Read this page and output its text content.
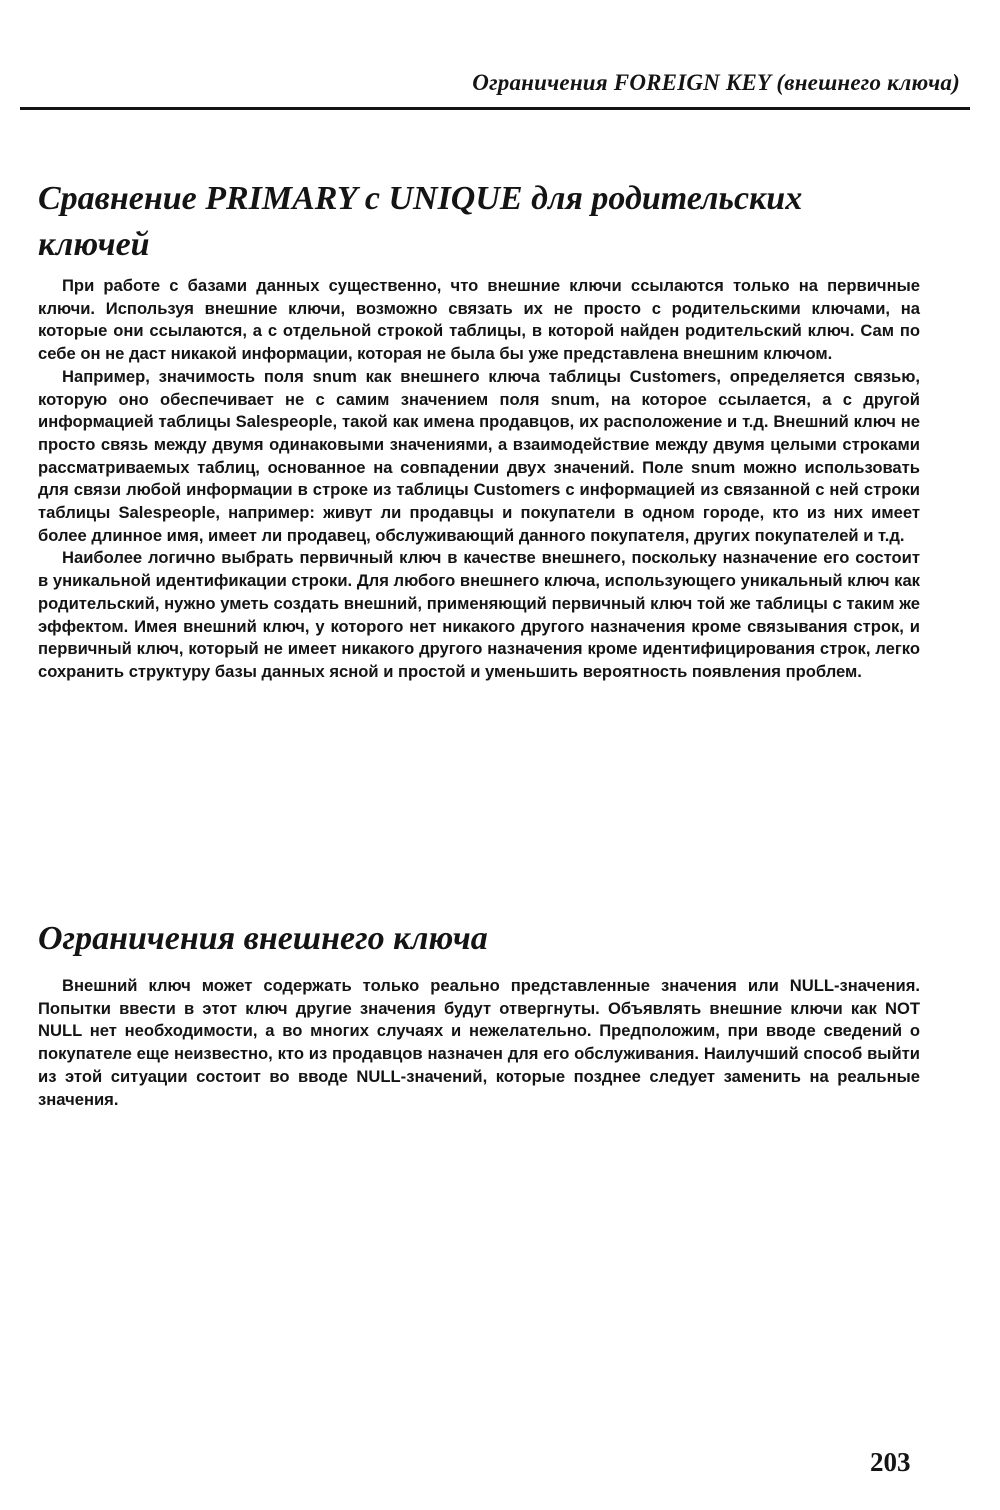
Ограничения FOREIGN KEY (внешнего ключа)
Сравнение PRIMARY с UNIQUE для родительских ключей

При работе с базами данных существенно, что внешние ключи ссылаются только на первичные ключи. Используя внешние ключи, возможно связать их не просто с родительскими ключами, на которые они ссылаются, а с отдельной строкой таблицы, в которой найден родительский ключ. Сам по себе он не даст никакой информации, которая не была бы уже представлена внешним ключом.

Например, значимость поля snum как внешнего ключа таблицы Customers, определяется связью, которую оно обеспечивает не с самим значением поля snum, на которое ссылается, а с другой информацией таблицы Salespeople, такой как имена продавцов, их расположение и т.д. Внешний ключ не просто связь между двумя одинаковыми значениями, а взаимодействие между двумя целыми строками рассматриваемых таблиц, основанное на совпадении двух значений. Поле snum можно использовать для связи любой информации в строке из таблицы Customers с информацией из связанной с ней строки таблицы Salespeople, например: живут ли продавцы и покупатели в одном городе, кто из них имеет более длинное имя, имеет ли продавец, обслуживающий данного покупателя, других покупателей и т.д.

Наиболее логично выбрать первичный ключ в качестве внешнего, поскольку назначение его состоит в уникальной идентификации строки. Для любого внешнего ключа, использующего уникальный ключ как родительский, нужно уметь создать внешний, применяющий первичный ключ той же таблицы с таким же эффектом. Имея внешний ключ, у которого нет никакого другого назначения кроме связывания строк, и первичный ключ, который не имеет никакого другого назначения кроме идентифицирования строк, легко сохранить структуру базы данных ясной и простой и уменьшить вероятность появления проблем.

Ограничения внешнего ключа

Внешний ключ может содержать только реально представленные значения или NULL-значения. Попытки ввести в этот ключ другие значения будут отвергнуты. Объявлять внешние ключи как NOT NULL нет необходимости, а во многих случаях и нежелательно. Предположим, при вводе сведений о покупателе еще неизвестно, кто из продавцов назначен для его обслуживания. Наилучший способ выйти из этой ситуации состоит во вводе NULL-значений, которые позднее следует заменить на реальные значения.

203
